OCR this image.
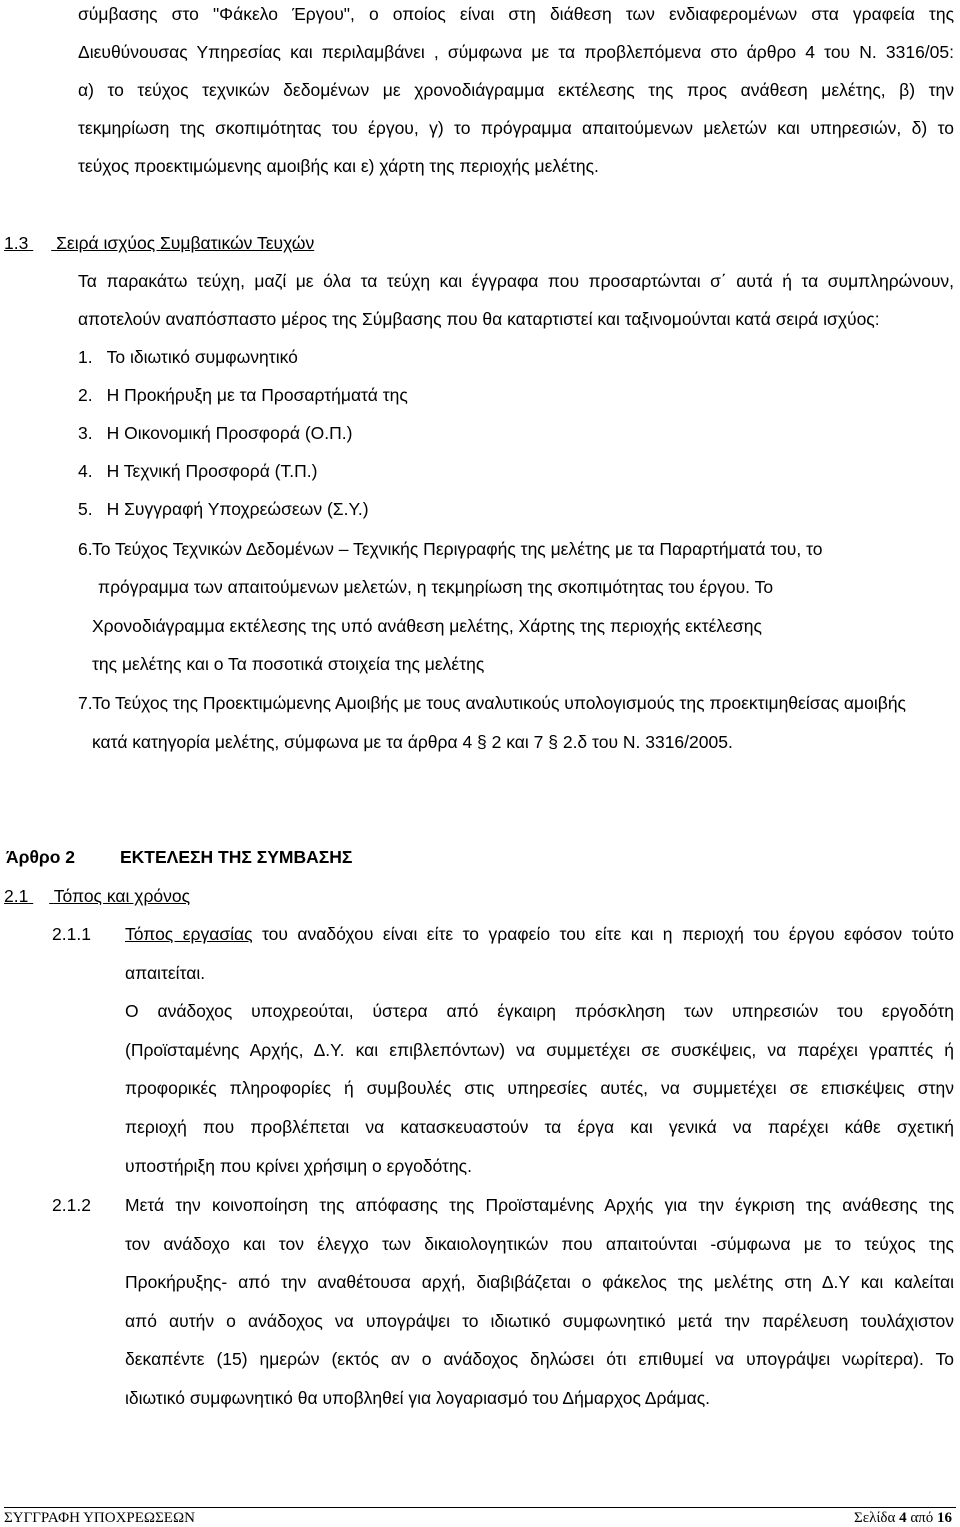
σύμβασης στο "Φάκελο Έργου", ο οποίος είναι στη διάθεση των ενδιαφερομένων στα γραφεία της
Διευθύνουσας Υπηρεσίας και περιλαμβάνει , σύμφωνα με τα προβλεπόμενα στο άρθρο 4 του Ν. 3316/05:
α) το τεύχος τεχνικών δεδομένων με χρονοδιάγραμμα εκτέλεσης της προς ανάθεση μελέτης, β) την
τεκμηρίωση της σκοπιμότητας του έργου, γ) το πρόγραμμα απαιτούμενων μελετών και υπηρεσιών, δ) το
τεύχος προεκτιμώμενης αμοιβής και ε) χάρτη της περιοχής μελέτης.
1.3 Σειρά ισχύος Συμβατικών Τευχών
Τα παρακάτω τεύχη, μαζί με όλα τα τεύχη και έγγραφα που προσαρτώνται σ΄ αυτά ή τα συμπληρώνουν,
αποτελούν αναπόσπαστο μέρος της Σύμβασης που θα καταρτιστεί και ταξινομούνται κατά σειρά ισχύος:
1. Το ιδιωτικό συμφωνητικό
2. Η Προκήρυξη με τα Προσαρτήματά της
3. Η Οικονομική Προσφορά (Ο.Π.)
4. Η Τεχνική Προσφορά (Τ.Π.)
5. Η Συγγραφή Υποχρεώσεων (Σ.Υ.)
6. Το Τεύχος Τεχνικών Δεδομένων – Τεχνικής Περιγραφής της μελέτης με τα Παραρτήματά του, το
πρόγραμμα των απαιτούμενων μελετών, η τεκμηρίωση της σκοπιμότητας του έργου. Το
Χρονοδιάγραμμα εκτέλεσης της υπό ανάθεση μελέτης, Χάρτης της περιοχής εκτέλεσης
της μελέτης και ο Τα ποσοτικά στοιχεία της μελέτης
7. Το Τεύχος της Προεκτιμώμενης Αμοιβής με τους αναλυτικούς υπολογισμούς της προεκτιμηθείσας αμοιβής
κατά κατηγορία μελέτης, σύμφωνα με τα άρθρα 4 § 2 και 7 § 2.δ του Ν. 3316/2005.
Άρθρο 2	ΕΚΤΕΛΕΣΗ ΤΗΣ ΣΥΜΒΑΣΗΣ
2.1 Τόπος και χρόνος
2.1.1 Τόπος εργασίας του αναδόχου είναι είτε το γραφείο του είτε και η περιοχή του έργου εφόσον τούτο
απαιτείται.
Ο ανάδοχος υποχρεούται, ύστερα από έγκαιρη πρόσκληση των υπηρεσιών του εργοδότη
(Προϊσταμένης Αρχής, Δ.Υ. και επιβλεπόντων) να συμμετέχει σε συσκέψεις, να παρέχει γραπτές ή
προφορικές πληροφορίες ή συμβουλές στις υπηρεσίες αυτές, να συμμετέχει σε επισκέψεις στην
περιοχή που προβλέπεται να κατασκευαστούν τα έργα και γενικά να παρέχει κάθε σχετική
υποστήριξη που κρίνει χρήσιμη ο εργοδότης.
2.1.2 Μετά την κοινοποίηση της απόφασης της Προϊσταμένης Αρχής για την έγκριση της ανάθεσης της
τον ανάδοχο και τον έλεγχο των δικαιολογητικών που απαιτούνται -σύμφωνα με το τεύχος της
Προκήρυξης- από την αναθέτουσα αρχή, διαβιβάζεται ο φάκελος της μελέτης στη Δ.Υ και καλείται
από αυτήν ο ανάδοχος να υπογράψει το ιδιωτικό συμφωνητικό μετά την παρέλευση τουλάχιστον
δεκαπέντε (15) ημερών (εκτός αν ο ανάδοχος δηλώσει ότι επιθυμεί να υπογράψει νωρίτερα). Το
ιδιωτικό συμφωνητικό θα υποβληθεί για λογαριασμό του Δήμαρχος Δράμας.
ΣΥΓΓΡΑΦΗ ΥΠΟΧΡΕΩΣΕΩΝ	Σελίδα 4 από 16
